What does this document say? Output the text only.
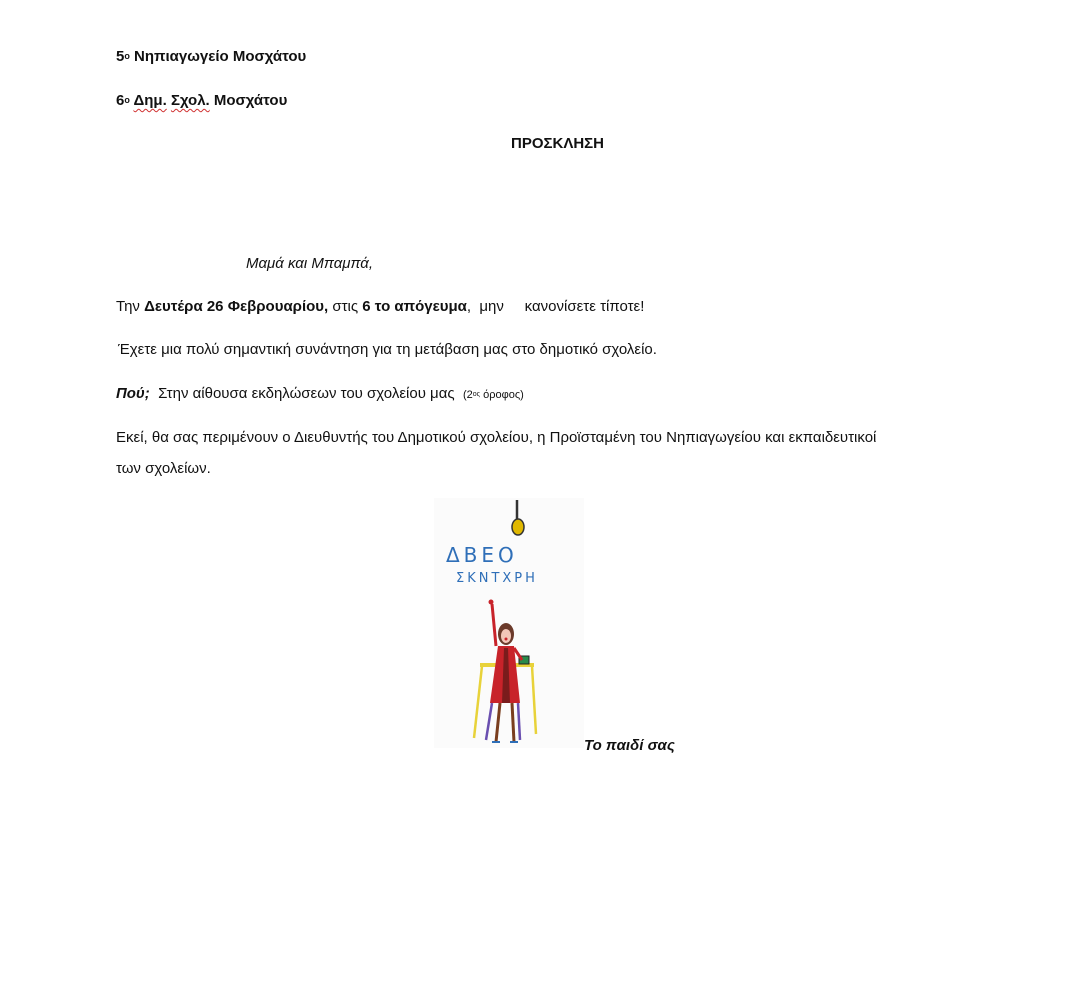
$5^o$ Νηπιαγωγείο Μοσχάτου
$6^o$ Δημ. Σχολ. Μοσχάτου
ΠΡΟΣΚΛΗΣΗ
Μαμά και Μπαμπά,
Την Δευτέρα 26 Φεβρουαρίου, στις 6 το απόγευμα,  μην     κανονίσετε τίποτε!
Έχετε μια πολύ σημαντική συνάντηση για τη μετάβαση μας στο δημοτικό σχολείο.
Πού;  Στην αίθουσα εκδηλώσεων του σχολείου μας  ($2^{o\varsigma}$ όροφος)
Εκεί, θα σας περιμένουν ο Διευθυντής του Δημοτικού σχολείου, η Προϊσταμένη του Νηπιαγωγείου και εκπαιδευτικοί
των σχολείων.
ΔΒΕΟ
ΣΚΝΤΧΡΗ
Το παιδί σας
